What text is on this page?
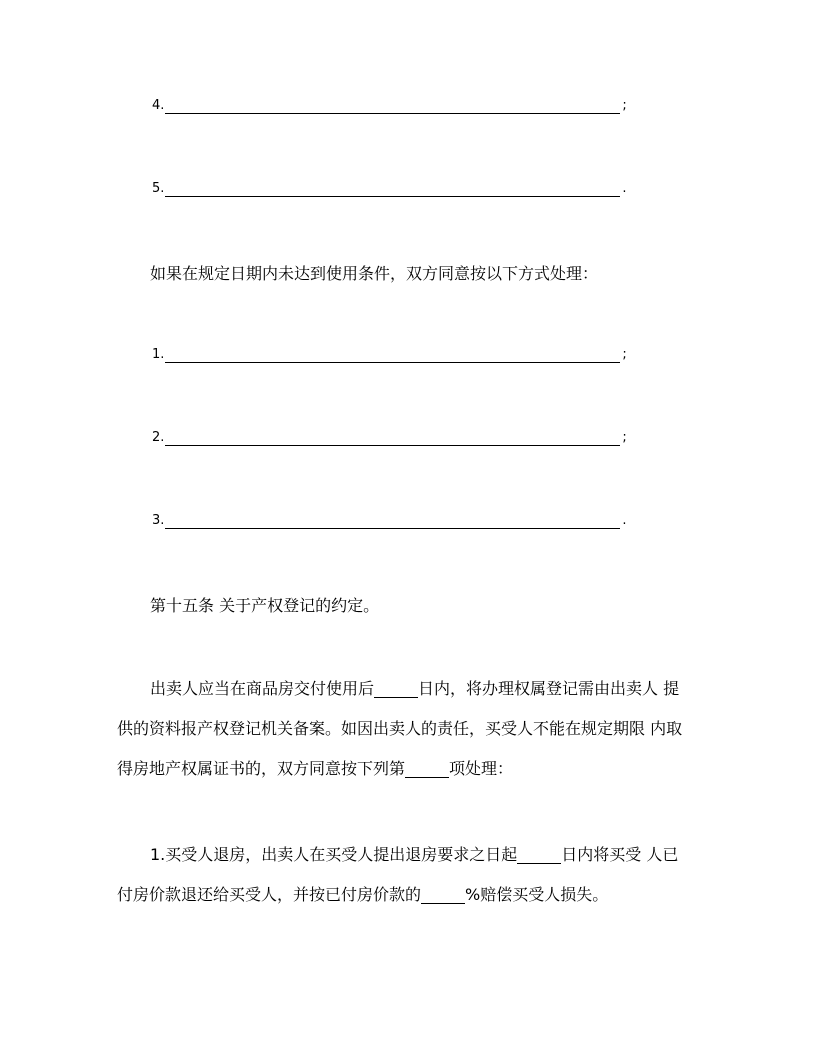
4.	;
5.	.
如果在规定日期内未达到使用条件，双方同意按以下方式处理：
1.	;
2.	;
3.	.
第十五条 关于产权登记的约定。
出卖人应当在商品房交付使用后	日内，将办理权属登记需由出卖人 提
供的资料报产权登记机关备案。如因出卖人的责任，买受人不能在规定期限 内取
得房地产权属证书的，双方同意按下列第	项处理：
1.买受人退房，出卖人在买受人提出退房要求之日起	日内将买受 人已
付房价款退还给买受人，并按已付房价款的	%赔偿买受人损失。
